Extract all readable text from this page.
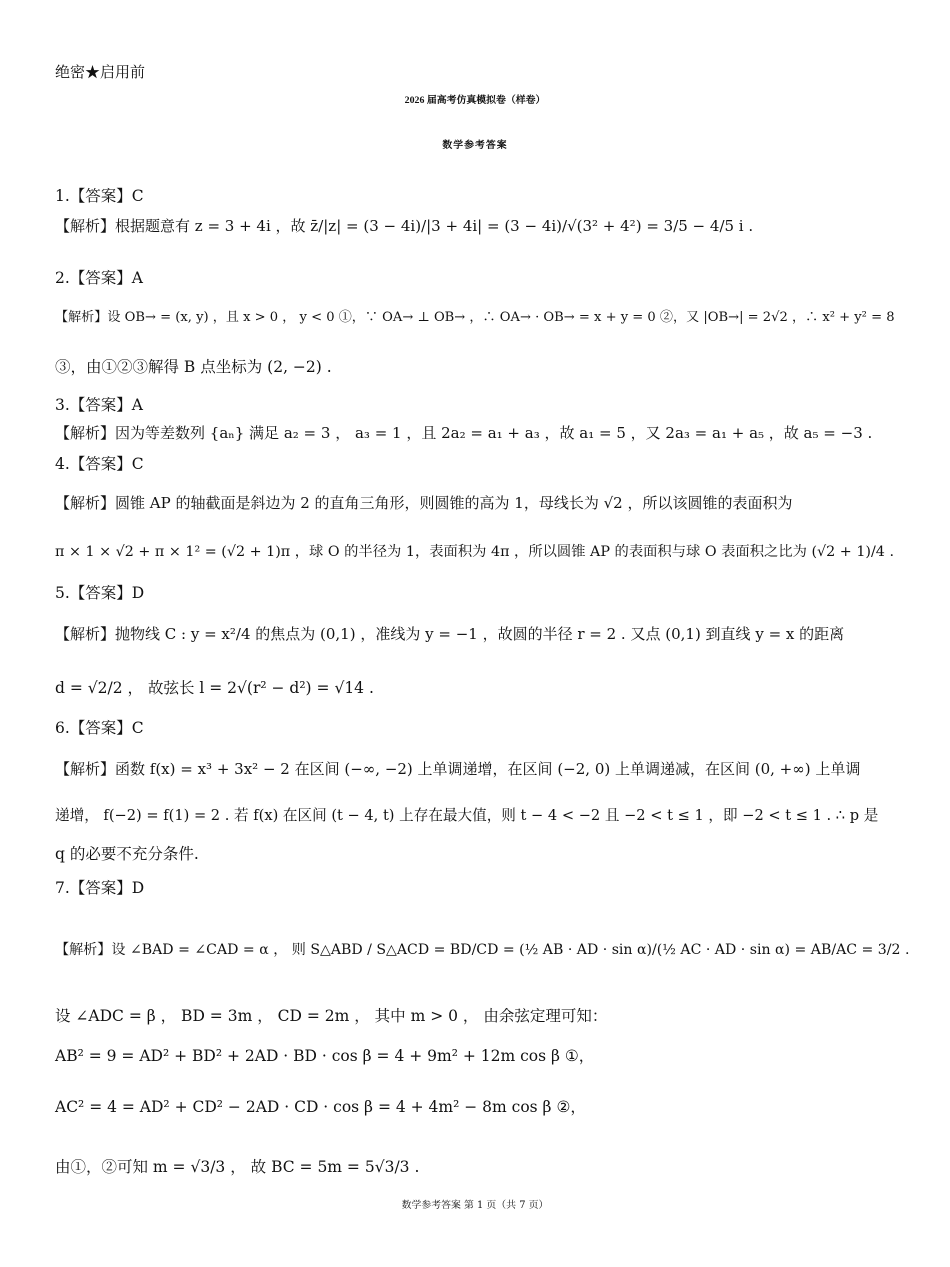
绝密★启用前
2026 届高考仿真模拟卷（样卷）
数学参考答案
1.【答案】C
【解析】根据题意有 z = 3 + 4i ，故 z̄/|z| = (3 − 4i)/|3 + 4i| = (3 − 4i)/√(3² + 4²) = 3/5 − 4/5 i .
2.【答案】A
【解析】设 OB→ = (x, y) ，且 x > 0 ， y < 0 ①，∵ OA→ ⊥ OB→ ，∴ OA→ · OB→ = x + y = 0 ②，又 |OB→| = 2√2 ，∴ x² + y² = 8
③，由①②③解得 B 点坐标为 (2, −2) .
3.【答案】A
【解析】因为等差数列 {aₙ} 满足 a₂ = 3 ， a₃ = 1 ，且 2a₂ = a₁ + a₃ ，故 a₁ = 5 ，又 2a₃ = a₁ + a₅ ，故 a₅ = −3 .
4.【答案】C
【解析】圆锥 AP 的轴截面是斜边为 2 的直角三角形，则圆锥的高为 1，母线长为 √2 ，所以该圆锥的表面积为
π × 1 × √2 + π × 1² = (√2 + 1)π ，球 O 的半径为 1，表面积为 4π ，所以圆锥 AP 的表面积与球 O 表面积之比为 (√2 + 1)/4 .
5.【答案】D
【解析】抛物线 C : y = x²/4 的焦点为 (0,1) ，准线为 y = −1 ，故圆的半径 r = 2 . 又点 (0,1) 到直线 y = x 的距离
d = √2/2 ， 故弦长 l = 2√(r² − d²) = √14 .
6.【答案】C
【解析】函数 f(x) = x³ + 3x² − 2 在区间 (−∞, −2) 上单调递增，在区间 (−2, 0) 上单调递减，在区间 (0, +∞) 上单调
递增， f(−2) = f(1) = 2 . 若 f(x) 在区间 (t − 4, t) 上存在最大值，则 t − 4 < −2 且 −2 < t ≤ 1 ，即 −2 < t ≤ 1 . ∴ p 是
q 的必要不充分条件.
7.【答案】D
【解析】设 ∠BAD = ∠CAD = α ， 则 S△ABD / S△ACD = BD/CD = (½ AB · AD · sin α)/(½ AC · AD · sin α) = AB/AC = 3/2 .
设 ∠ADC = β ， BD = 3m ， CD = 2m ， 其中 m > 0 ， 由余弦定理可知：
AB² = 9 = AD² + BD² + 2AD · BD · cos β = 4 + 9m² + 12m cos β ①，
AC² = 4 = AD² + CD² − 2AD · CD · cos β = 4 + 4m² − 8m cos β ②，
由①，②可知 m = √3/3 ， 故 BC = 5m = 5√3/3 .
数学参考答案 第 1 页（共 7 页）
